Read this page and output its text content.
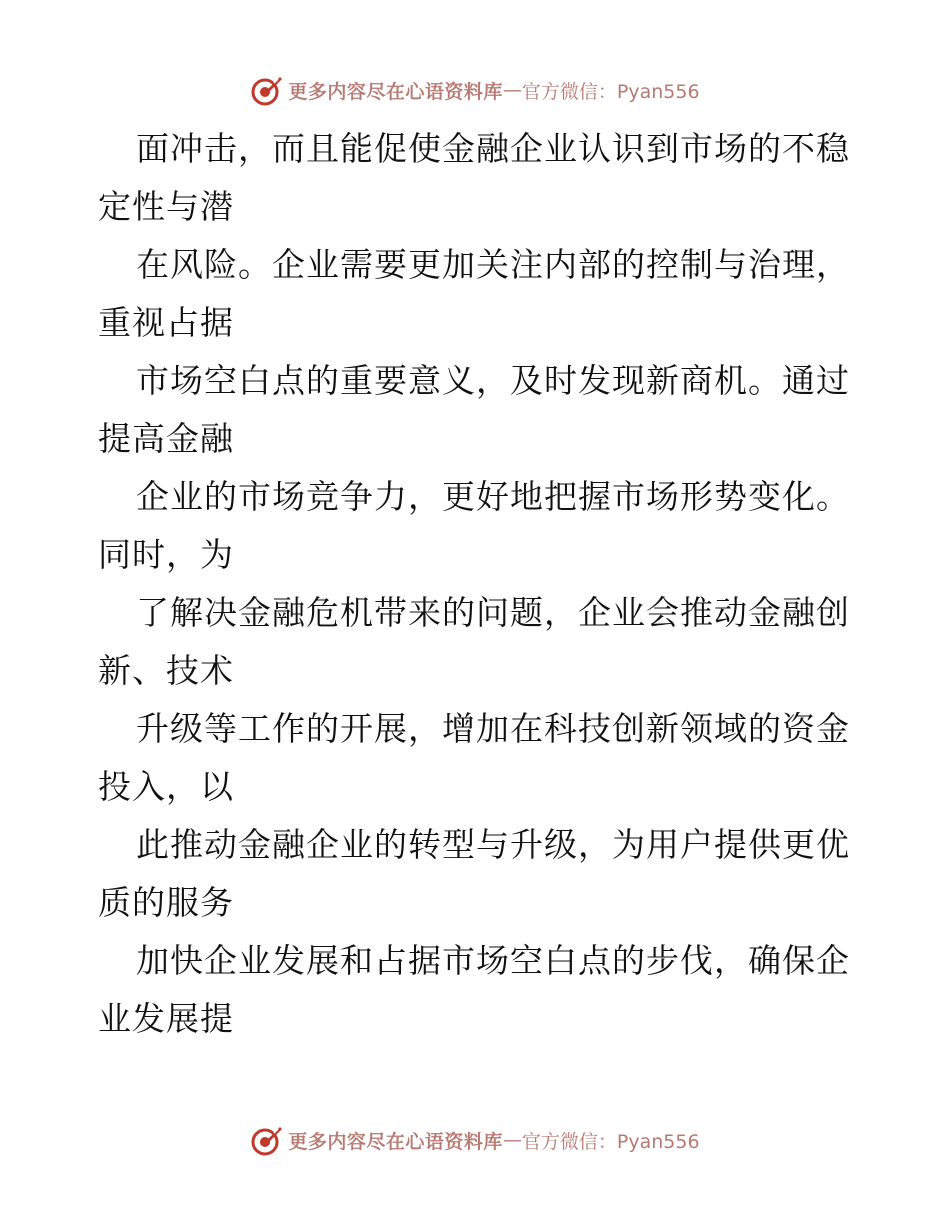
更多内容尽在心语资料库 — 官方微信：Pyan556
面冲击，而且能促使金融企业认识到市场的不稳
定性与潜
在风险。企业需要更加关注内部的控制与治理，
重视占据
市场空白点的重要意义，及时发现新商机。通过
提高金融
企业的市场竞争力，更好地把握市场形势变化。
同时，为
了解决金融危机带来的问题，企业会推动金融创
新、技术
升级等工作的开展，增加在科技创新领域的资金
投入，以
此推动金融企业的转型与升级，为用户提供更优
质的服务
加快企业发展和占据市场空白点的步伐，确保企
业发展提
更多内容尽在心语资料库 — 官方微信：Pyan556
